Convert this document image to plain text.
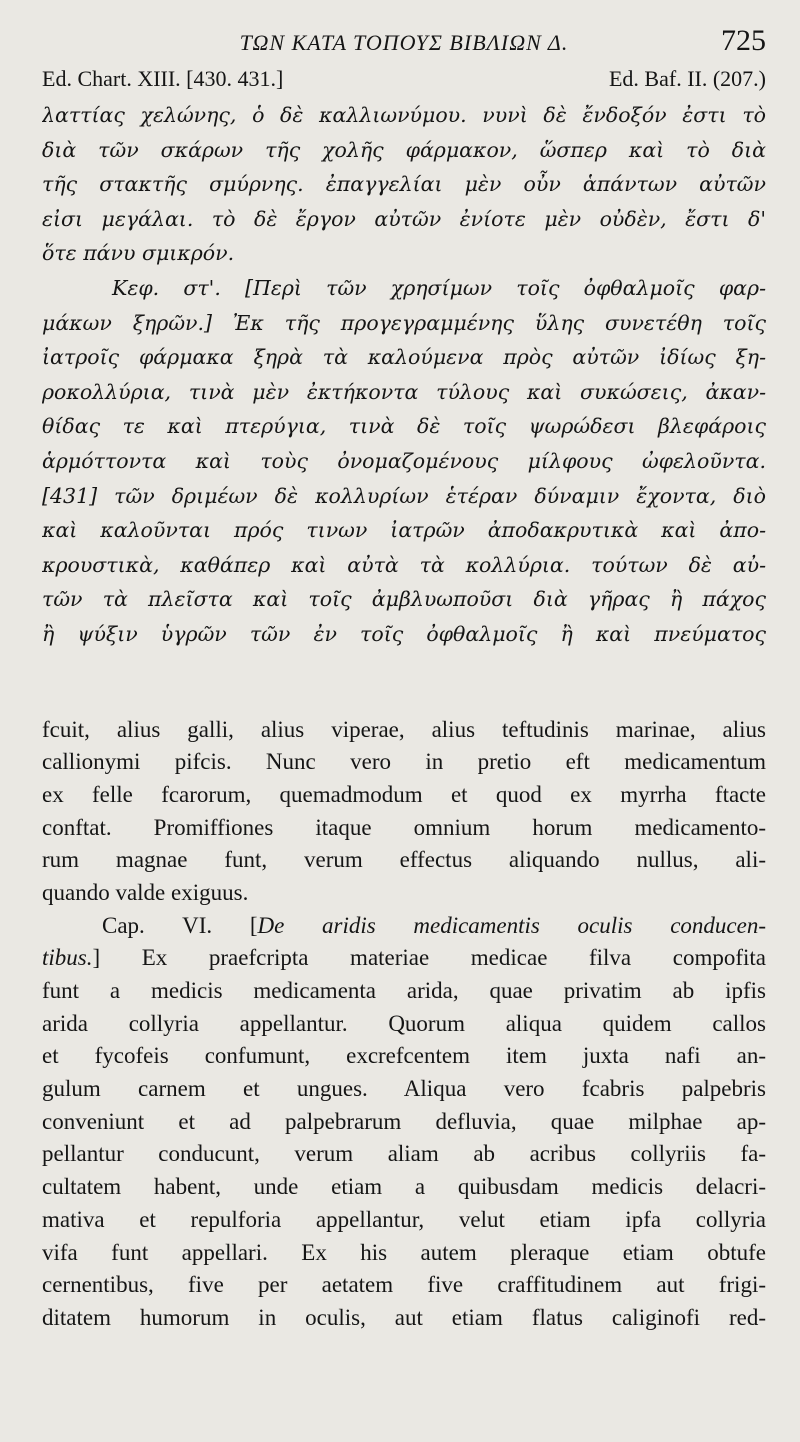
ΤΩΝ ΚΑΤΑ ΤΟΠΟΥΣ ΒΙΒΛΙΩΝ Δ.	725
Ed. Chart. XIII. [430. 431.]	Ed. Baf. II. (207.)
λαττίας χελώνης, ὁ δὲ καλλιωνύμου. νυνὶ δὲ ἔνδοξόν ἐστι τὸ
διὰ τῶν σκάρων τῆς χολῆς φάρμακον, ὥσπερ καὶ τὸ διὰ
τῆς στακτῆς σμύρνης. ἐπαγγελίαι μὲν οὖν ἁπάντων αὐτῶν
εἰσι μεγάλαι. τὸ δὲ ἔργον αὐτῶν ἐνίοτε μὲν οὐδὲν, ἔστι δ'
ὅτε πάνυ σμικρόν.
Κεφ. στ'. [Περὶ τῶν χρησίμων τοῖς ὀφθαλμοῖς φαρ-
μάκων ξηρῶν.] Ἐκ τῆς προγεγραμμένης ὕλης συνετέθη τοῖς
ἰατροῖς φάρμακα ξηρὰ τὰ καλούμενα πρὸς αὐτῶν ἰδίως ξη-
ροκολλύρια, τινὰ μὲν ἐκτήκοντα τύλους καὶ συκώσεις, ἀκαν-
θίδας τε καὶ πτερύγια, τινὰ δὲ τοῖς ψωρώδεσι βλεφάροις
ἁρμόττοντα καὶ τοὺς ὀνομαζομένους μίλφους ὠφελοῦντα.
[431] τῶν δριμέων δὲ κολλυρίων ἑτέραν δύναμιν ἔχοντα, διὸ
καὶ καλοῦνται πρός τινων ἰατρῶν ἀποδακρυτικὰ καὶ ἀπο-
κρουστικὰ, καθάπερ καὶ αὐτὰ τὰ κολλύρια. τούτων δὲ αὐ-
τῶν τὰ πλεῖστα καὶ τοῖς ἀμβλυωποῦσι διὰ γῆρας ἢ πάχος
ἢ ψύξιν ὑγρῶν τῶν ἐν τοῖς ὀφθαλμοῖς ἢ καὶ πνεύματος
fcuit, alius galli, alius viperae, alius teftudinis marinae, alius
callionymi pifcis. Nunc vero in pretio eft medicamentum
ex felle fcarorum, quemadmodum et quod ex myrrha ftacte
conftat. Promiffiones itaque omnium horum medicamento-
rum magnae funt, verum effectus aliquando nullus, ali-
quando valde exiguus.
Cap. VI. [De aridis medicamentis oculis conducen-
tibus.] Ex praefcripta materiae medicae filva compofita
funt a medicis medicamenta arida, quae privatim ab ipfis
arida collyria appellantur. Quorum aliqua quidem callos
et fycofeis confumunt, excrefcentem item juxta nafi an-
gulum carnem et ungues. Aliqua vero fcabris palpebris
conveniunt et ad palpebrarum defluvia, quae milphae ap-
pellantur conducunt, verum aliam ab acribus collyriis fa-
cultatem habent, unde etiam a quibusdam medicis delacri-
mativa et repulforia appellantur, velut etiam ipfa collyria
vifa funt appellari. Ex his autem pleraque etiam obtufe
cernentibus, five per aetatem five craffitudinem aut frigi-
ditatem humorum in oculis, aut etiam flatus caliginofi red-
